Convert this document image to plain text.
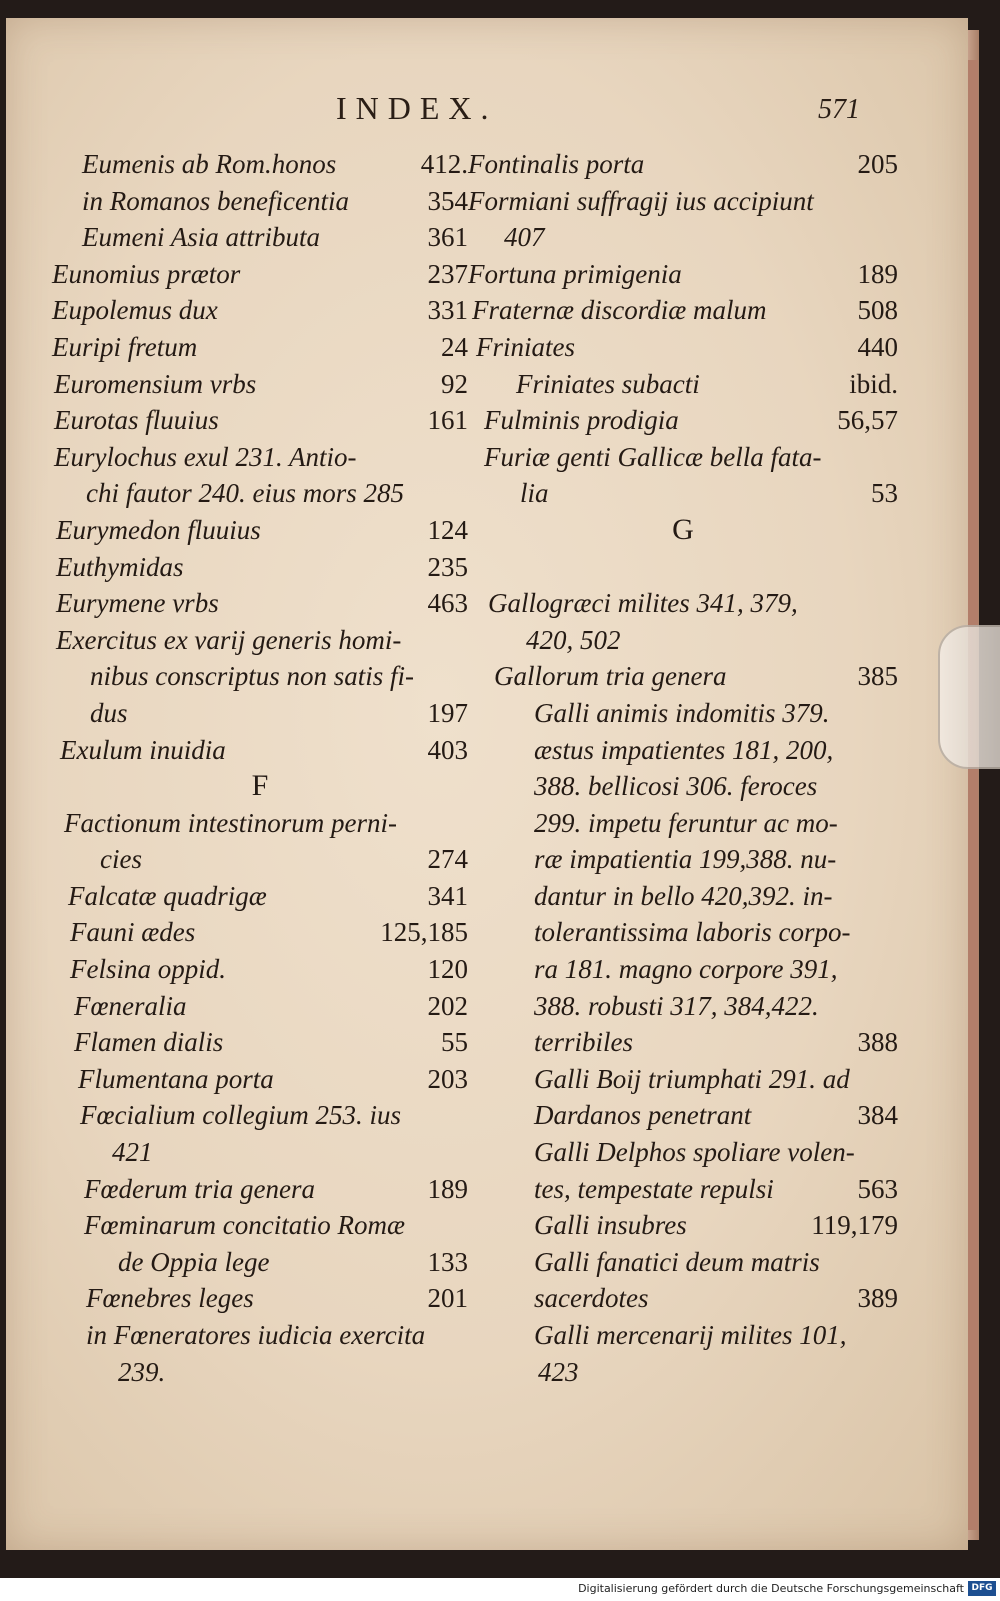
INDEX.	571
Eumenis ab Rom.honos	412.
in Romanos beneficentia	354
Eumeni Asia attributa	361
Eunomius prætor	237
Eupolemus dux	331
Euripi fretum	24
Euromensium vrbs	92
Eurotas fluuius	161
Eurylochus exul 231. Antio-
chi fautor 240. eius mors 285
Eurymedon fluuius	124
Euthymidas	235
Eurymene vrbs	463
Exercitus ex varij generis homi-
nibus conscriptus non satis fi-
dus	197
Exulum inuidia	403
F
Factionum intestinorum perni-
cies	274
Falcatæ quadrigæ	341
Fauni ædes	125,185
Felsina oppid.	120
Fœneralia	202
Flamen dialis	55
Flumentana porta	203
Fœcialium collegium 253. ius
421
Fœderum tria genera	189
Fœminarum concitatio Romæ
de Oppia lege	133
Fœnebres leges	201
in Fœneratores iudicia exercita
239.
Fontinalis porta	205
Formiani suffragij ius accipiunt
407
Fortuna primigenia	189
Fraternæ discordiæ malum	508
Friniates	440
Friniates subacti	ibid.
Fulminis prodigia	56,57
Furiæ genti Gallicæ bella fata-
lia	53
G
Gallogræci milites 341, 379,
420, 502
Gallorum tria genera	385
Galli animis indomitis 379.
æstus impatientes 181, 200,
388. bellicosi 306. feroces
299. impetu feruntur ac mo-
ræ impatientia 199,388. nu-
dantur in bello 420,392. in-
tolerantissima laboris corpo-
ra 181. magno corpore 391,
388. robusti 317, 384,422.
terribiles	388
Galli Boij triumphati 291. ad
Dardanos penetrant	384
Galli Delphos spoliare volen-
tes, tempestate repulsi	563
Galli insubres	119,179
Galli fanatici deum matris
sacerdotes	389
Galli mercenarij milites 101,
423
Digitalisierung gefördert durch die Deutsche Forschungsgemeinschaft DFG
